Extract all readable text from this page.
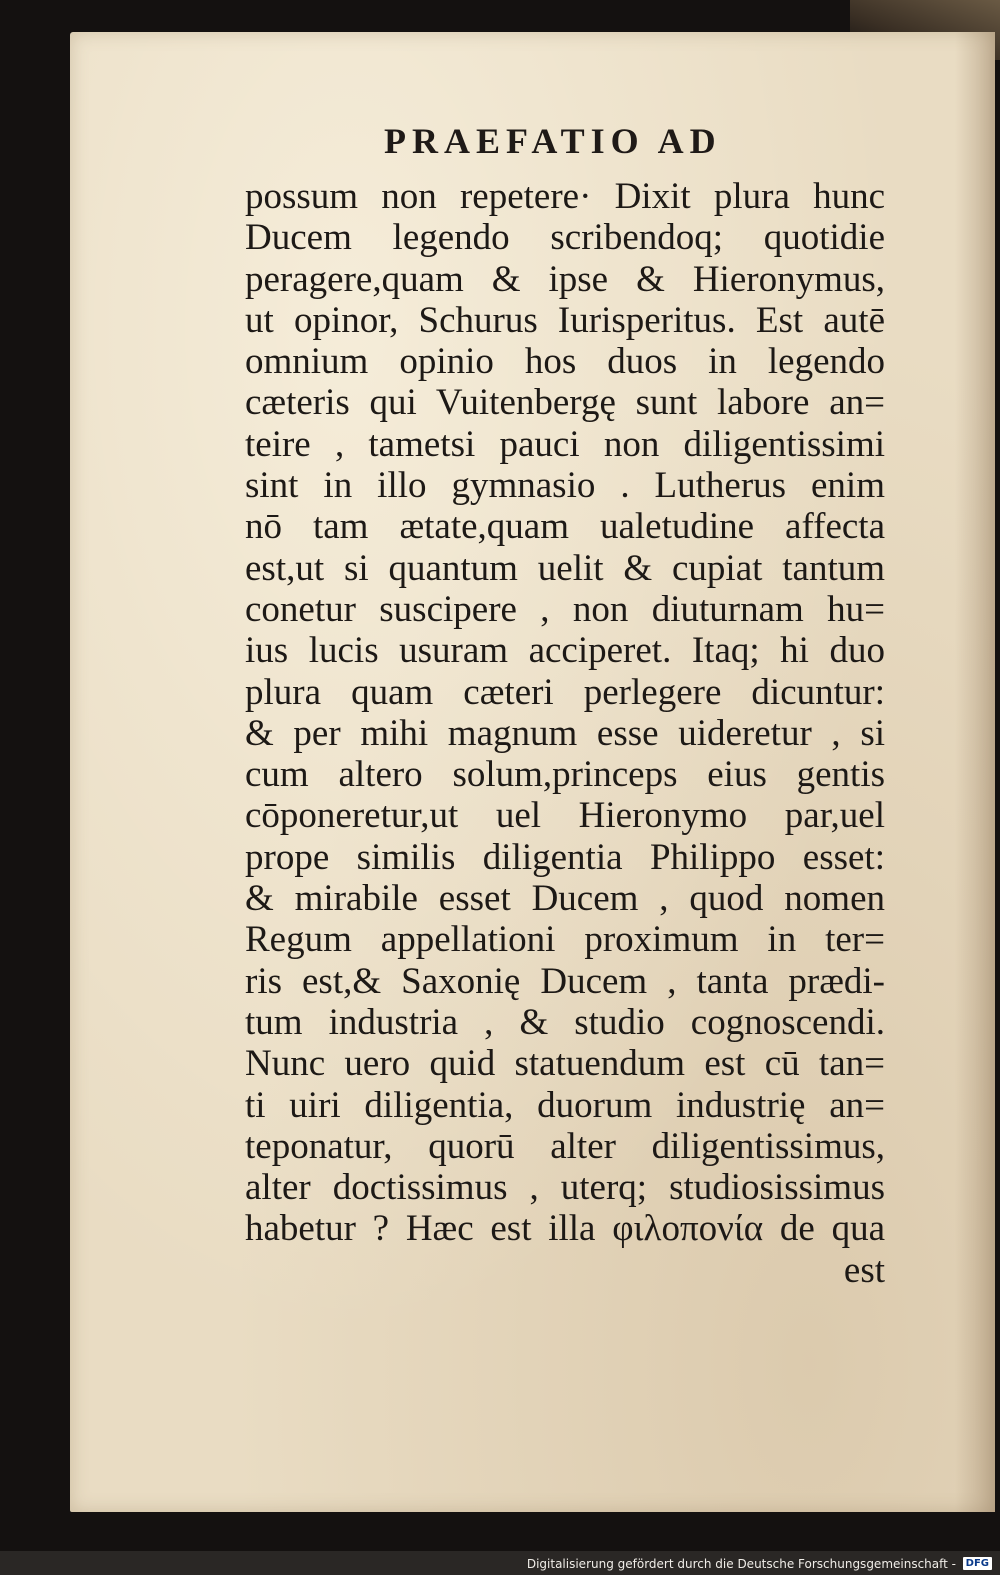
PRAEFATIO AD
possum non repetere· Dixit plura hunc
Ducem legendo scribendoq; quotidie
peragere,quam & ipse & Hieronymus,
ut opinor, Schurus Iurisperitus. Est autē
omnium opinio hos duos in legendo
cæteris qui Vuitenbergę sunt labore an=
teire , tametsi pauci non diligentissimi
sint in illo gymnasio . Lutherus enim
nō tam ætate,quam ualetudine affecta
est,ut si quantum uelit & cupiat tantum
conetur suscipere , non diuturnam hu=
ius lucis usuram acciperet. Itaq; hi duo
plura quam cæteri perlegere dicuntur:
& per mihi magnum esse uideretur , si
cum altero solum,princeps eius gentis
cōponeretur,ut uel Hieronymo par,uel
prope similis diligentia Philippo esset:
& mirabile esset Ducem , quod nomen
Regum appellationi proximum in ter=
ris est,& Saxonię Ducem , tanta prædi-
tum industria , & studio cognoscendi.
Nunc uero quid statuendum est cū tan=
ti uiri diligentia, duorum industrię an=
teponatur, quorū alter diligentissimus,
alter doctissimus , uterq; studiosissimus
habetur ? Hæc est illa φιλοπονία de qua
est
Digitalisierung gefördert durch die Deutsche Forschungsgemeinschaft - DFG
